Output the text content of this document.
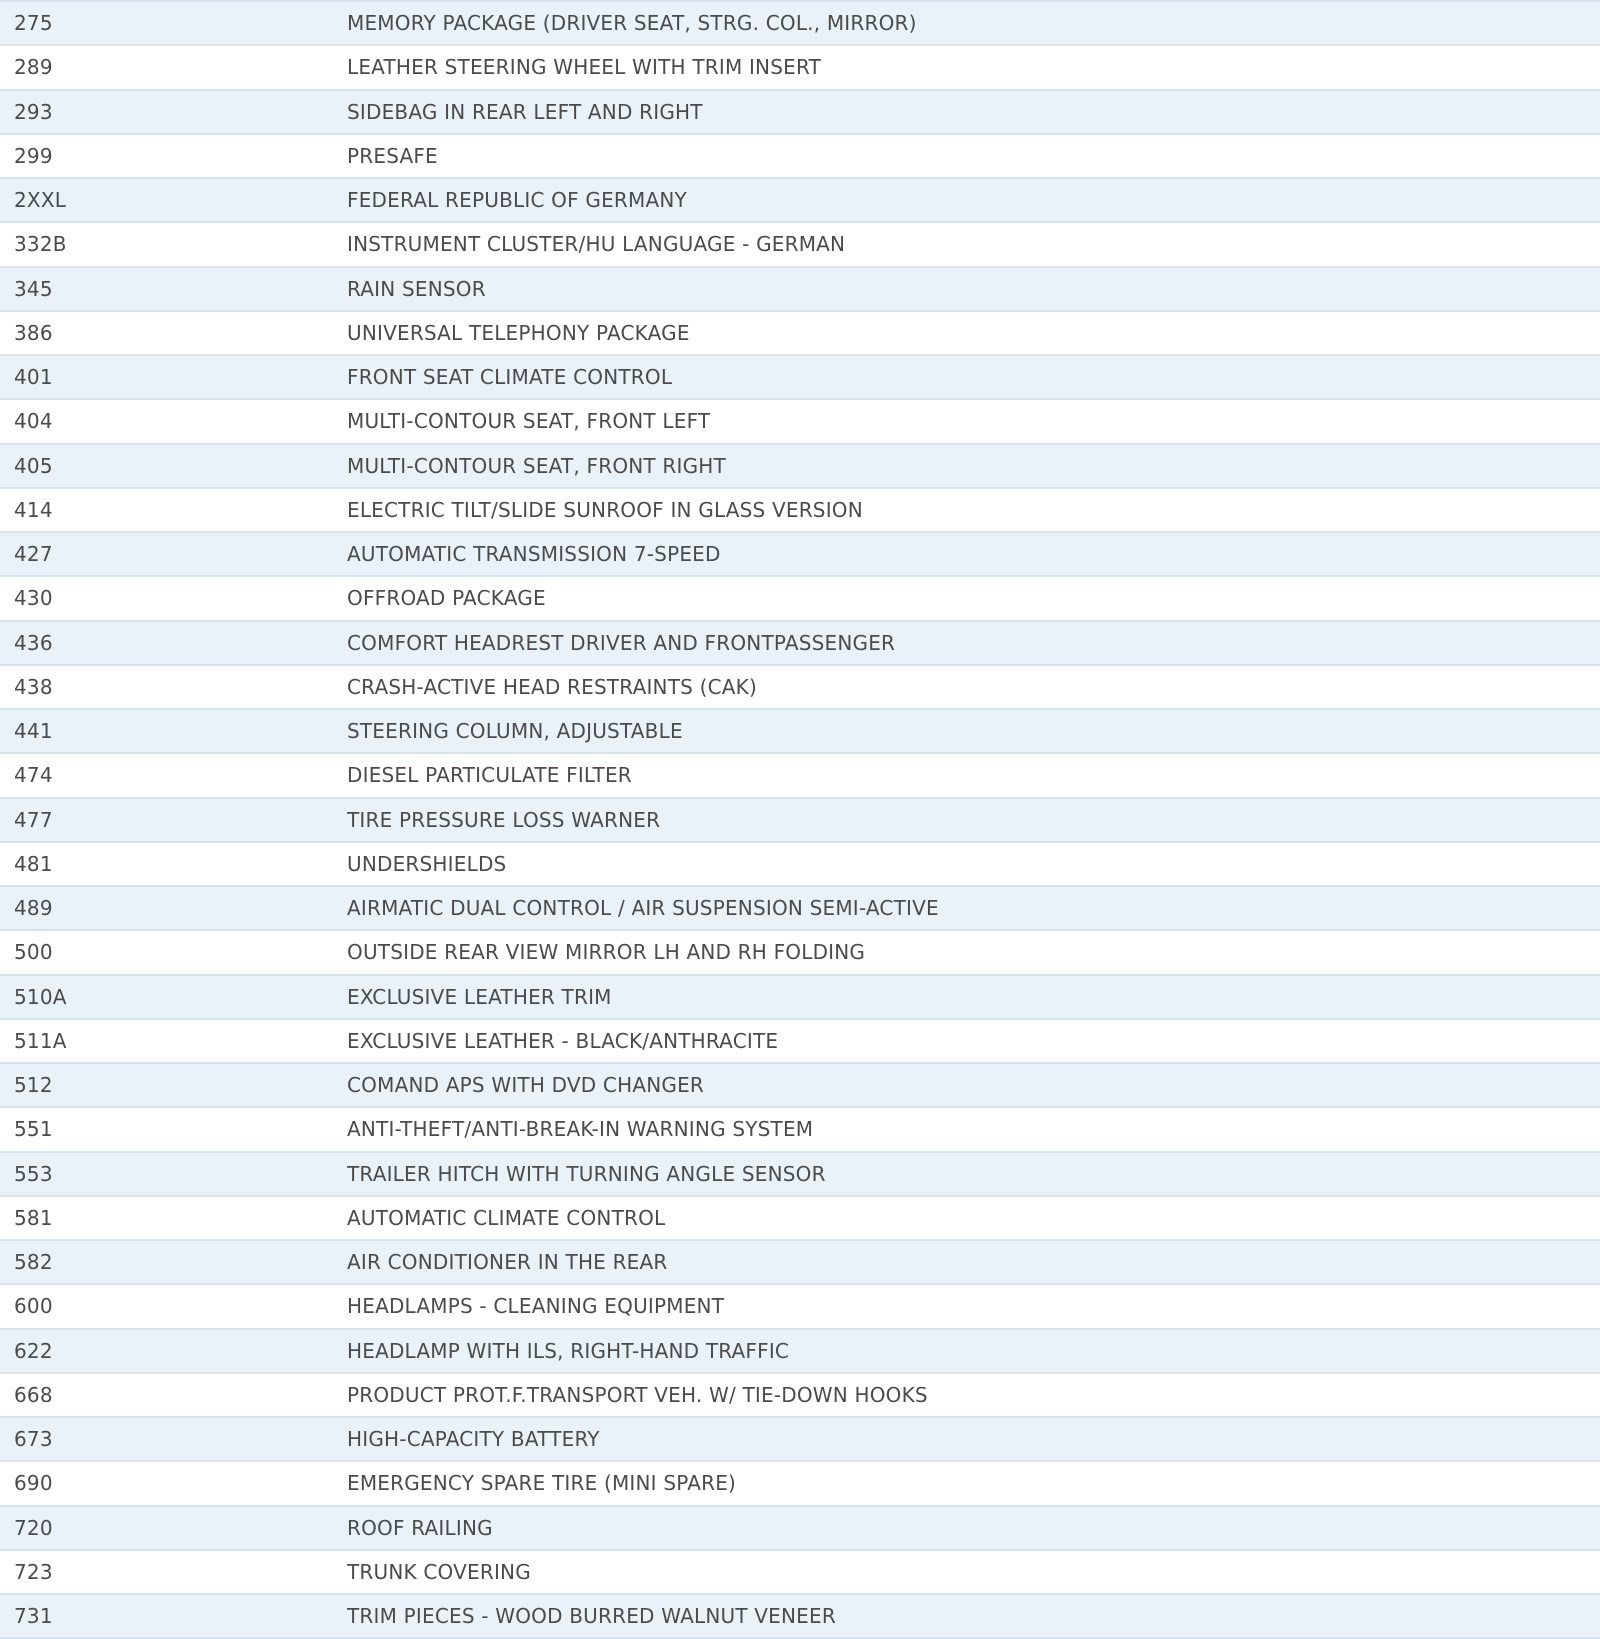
275	MEMORY PACKAGE (DRIVER SEAT, STRG. COL., MIRROR)
289	LEATHER STEERING WHEEL WITH TRIM INSERT
293	SIDEBAG IN REAR LEFT AND RIGHT
299	PRESAFE
2XXL	FEDERAL REPUBLIC OF GERMANY
332B	INSTRUMENT CLUSTER/HU LANGUAGE - GERMAN
345	RAIN SENSOR
386	UNIVERSAL TELEPHONY PACKAGE
401	FRONT SEAT CLIMATE CONTROL
404	MULTI-CONTOUR SEAT, FRONT LEFT
405	MULTI-CONTOUR SEAT, FRONT RIGHT
414	ELECTRIC TILT/SLIDE SUNROOF IN GLASS VERSION
427	AUTOMATIC TRANSMISSION 7-SPEED
430	OFFROAD PACKAGE
436	COMFORT HEADREST DRIVER AND FRONTPASSENGER
438	CRASH-ACTIVE HEAD RESTRAINTS (CAK)
441	STEERING COLUMN, ADJUSTABLE
474	DIESEL PARTICULATE FILTER
477	TIRE PRESSURE LOSS WARNER
481	UNDERSHIELDS
489	AIRMATIC DUAL CONTROL / AIR SUSPENSION SEMI-ACTIVE
500	OUTSIDE REAR VIEW MIRROR LH AND RH FOLDING
510A	EXCLUSIVE LEATHER TRIM
511A	EXCLUSIVE LEATHER - BLACK/ANTHRACITE
512	COMAND APS WITH DVD CHANGER
551	ANTI-THEFT/ANTI-BREAK-IN WARNING SYSTEM
553	TRAILER HITCH WITH TURNING ANGLE SENSOR
581	AUTOMATIC CLIMATE CONTROL
582	AIR CONDITIONER IN THE REAR
600	HEADLAMPS - CLEANING EQUIPMENT
622	HEADLAMP WITH ILS, RIGHT-HAND TRAFFIC
668	PRODUCT PROT.F.TRANSPORT VEH. W/ TIE-DOWN HOOKS
673	HIGH-CAPACITY BATTERY
690	EMERGENCY SPARE TIRE (MINI SPARE)
720	ROOF RAILING
723	TRUNK COVERING
731	TRIM PIECES - WOOD BURRED WALNUT VENEER
